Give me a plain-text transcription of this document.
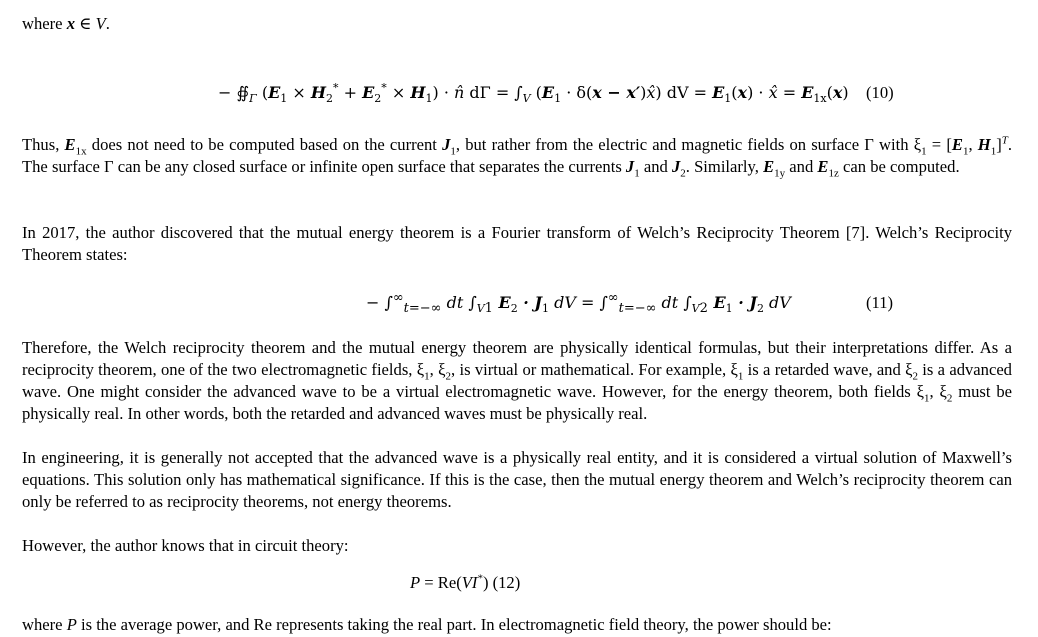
where x ∈ V.
− $∯_\Gamma$ $(E_1 \times H_2^* + E_2^* \times H_1)$ · n̂ $d\Gamma = \int_V$ ($E_1 \cdot \delta(x$ − x′)x̂) dV = $E_1(x)$ · x̂ = $E_{1x}(x)$ (10)
Thus, $E_{1x}$ does not need to be computed based on the current $J_1$, but rather from the electric and magnetic fields on surface Γ with $\xi_1 = [E_1$, $H_1]^T$. The surface Γ can be any closed surface or infinite open surface that separates the currents $J_1$ and $J_2$. Similarly, $E_{1y}$ and $E_{1z}$ can be computed.
In 2017, the author discovered that the mutual energy theorem is a Fourier transform of Welch’s Reciprocity Theorem [7]. Welch’s Reciprocity Theorem states:
− $\int^\infty_{t=-\infty}$ dt $\int_{V1}$ $E_2 \cdot J_1$ dV = $\int^\infty_{t=-\infty}$ dt $\int_{V2}$ $E_1 \cdot J_2$ dV	(11)
Therefore, the Welch reciprocity theorem and the mutual energy theorem are physically identical formulas, but their interpretations differ. As a reciprocity theorem, one of the two electromagnetic fields, $\xi_1$, $\xi_2$, is virtual or mathematical. For example, $\xi_1$ is a retarded wave, and $\xi_2$ is a advanced wave. One might consider the advanced wave to be a virtual electromagnetic wave. However, for the energy theorem, both fields $\xi_1$, $\xi_2$ must be physically real. In other words, both the retarded and advanced waves must be physically real.
In engineering, it is generally not accepted that the advanced wave is a physically real entity, and it is considered a virtual solution of Maxwell’s equations. This solution only has mathematical significance. If this is the case, then the mutual energy theorem and Welch’s reciprocity theorem can only be referred to as reciprocity theorems, not energy theorems.
However, the author knows that in circuit theory:
P = Re(VI*) (12)
where P is the average power, and Re represents taking the real part. In electromagnetic field theory, the power should be:
